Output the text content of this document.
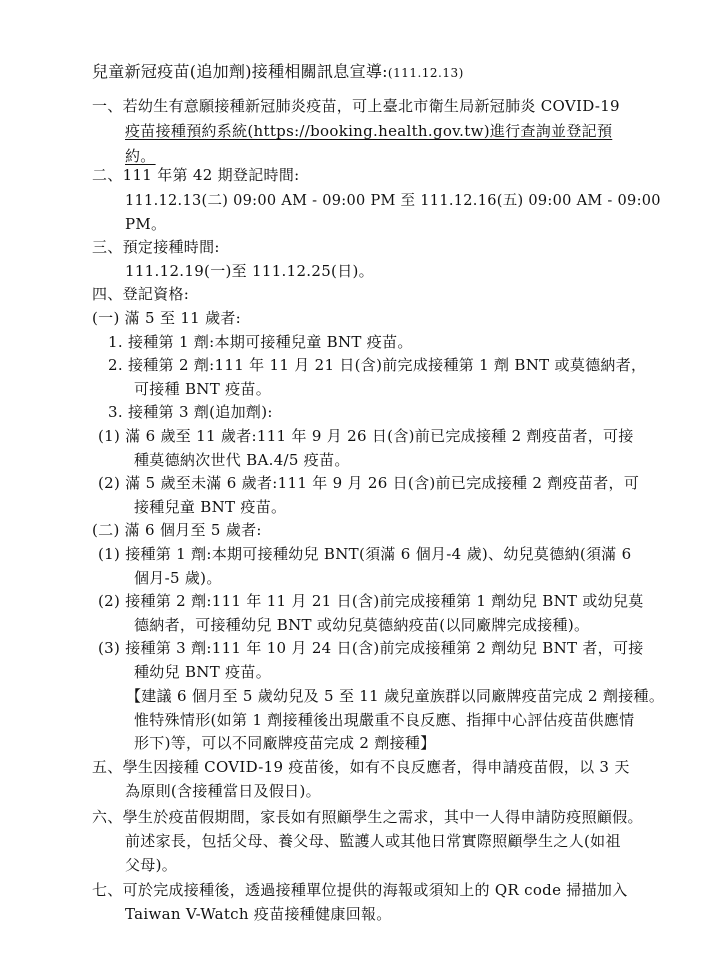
兒童新冠疫苗(追加劑)接種相關訊息宣導:(111.12.13)
一、若幼生有意願接種新冠肺炎疫苗，可上臺北市衛生局新冠肺炎 COVID-19
疫苗接種預約系統(https://booking.health.gov.tw)進行查詢並登記預
約。
二、111 年第 42 期登記時間:
111.12.13(二) 09:00 AM - 09:00 PM 至 111.12.16(五) 09:00 AM - 09:00
PM。
三、預定接種時間:
111.12.19(一)至 111.12.25(日)。
四、登記資格:
(一) 滿 5 至 11 歲者:
1. 接種第 1 劑:本期可接種兒童 BNT 疫苗。
2. 接種第 2 劑:111 年 11 月 21 日(含)前完成接種第 1 劑 BNT 或莫德納者，
可接種 BNT 疫苗。
3. 接種第 3 劑(追加劑):
(1) 滿 6 歲至 11 歲者:111 年 9 月 26 日(含)前已完成接種 2 劑疫苗者，可接
種莫德納次世代 BA.4/5 疫苗。
(2) 滿 5 歲至未滿 6 歲者:111 年 9 月 26 日(含)前已完成接種 2 劑疫苗者，可
接種兒童 BNT 疫苗。
(二) 滿 6 個月至 5 歲者:
(1) 接種第 1 劑:本期可接種幼兒 BNT(須滿 6 個月-4 歲)、幼兒莫德納(須滿 6
個月-5 歲)。
(2) 接種第 2 劑:111 年 11 月 21 日(含)前完成接種第 1 劑幼兒 BNT 或幼兒莫
德納者，可接種幼兒 BNT 或幼兒莫德納疫苗(以同廠牌完成接種)。
(3) 接種第 3 劑:111 年 10 月 24 日(含)前完成接種第 2 劑幼兒 BNT 者，可接
種幼兒 BNT 疫苗。
【建議 6 個月至 5 歲幼兒及 5 至 11 歲兒童族群以同廠牌疫苗完成 2 劑接種。
惟特殊情形(如第 1 劑接種後出現嚴重不良反應、指揮中心評估疫苗供應情
形下)等，可以不同廠牌疫苗完成 2 劑接種】
五、學生因接種 COVID-19 疫苗後，如有不良反應者，得申請疫苗假，以 3 天
為原則(含接種當日及假日)。
六、學生於疫苗假期間，家長如有照顧學生之需求，其中一人得申請防疫照顧假。
前述家長，包括父母、養父母、監護人或其他日常實際照顧學生之人(如祖
父母)。
七、可於完成接種後，透過接種單位提供的海報或須知上的 QR code 掃描加入
Taiwan V-Watch 疫苗接種健康回報。
